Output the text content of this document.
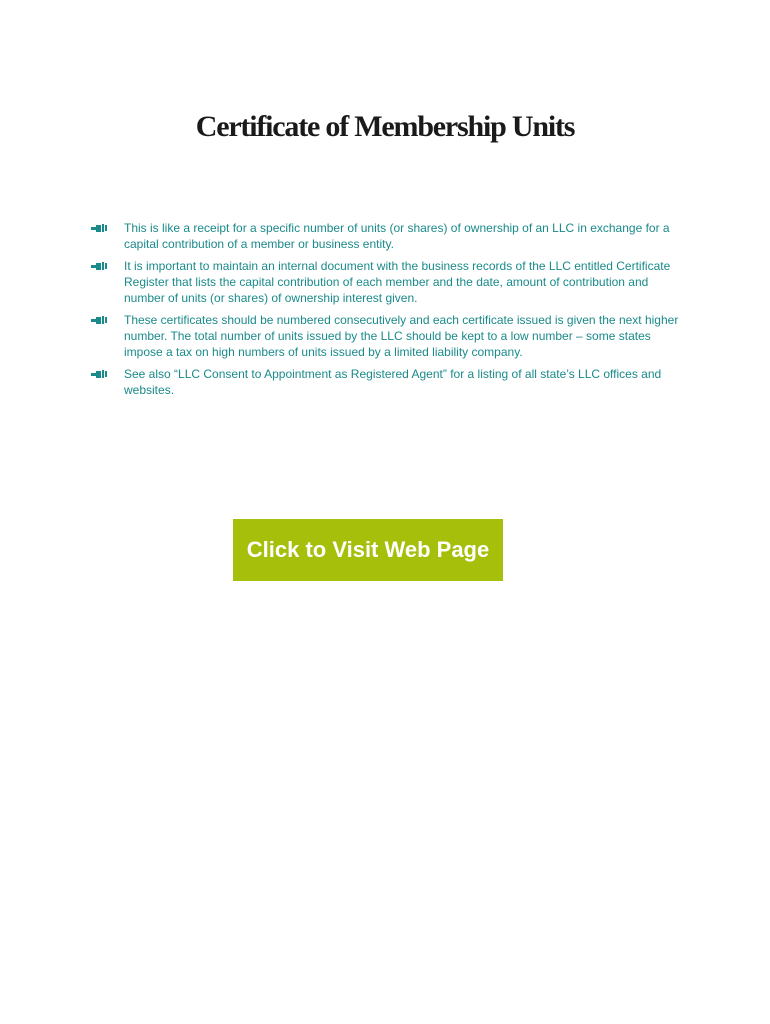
Certificate of Membership Units
This is like a receipt for a specific number of units (or shares) of ownership of an LLC in exchange for a capital contribution of a member or business entity.
It is important to maintain an internal document with the business records of the LLC entitled Certificate Register that lists the capital contribution of each member and the date, amount of contribution and number of units (or shares) of ownership interest given.
These certificates should be numbered consecutively and each certificate issued is given the next higher number. The total number of units issued by the LLC should be kept to a low number – some states impose a tax on high numbers of units issued by a limited liability company.
See also “LLC Consent to Appointment as Registered Agent” for a listing of all state’s LLC offices and websites.
Click to Visit Web Page
